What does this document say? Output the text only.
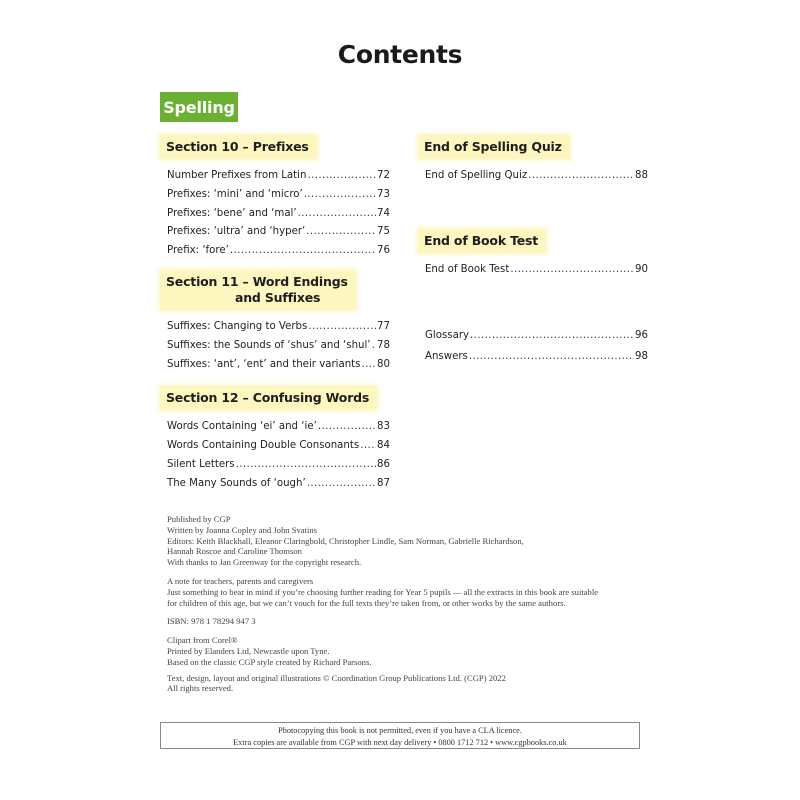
Contents
Spelling
Section 10 – Prefixes
Number Prefixes from Latin .....	72
Prefixes: ‘mini’ and ‘micro’ .....	73
Prefixes: ‘bene’ and ‘mal’ .....	74
Prefixes: ‘ultra’ and ‘hyper’ .....	75
Prefix: ‘fore’ .....	76
Section 11 – Word Endings
and Suffixes
Suffixes: Changing to Verbs .....	77
Suffixes: the Sounds of ‘shus’ and ‘shul’ ..... 78
Suffixes: ‘ant’, ‘ent’ and their variants ..... 80
Section 12 – Confusing Words
Words Containing ‘ei’ and ‘ie’ .....	83
Words Containing Double Consonants ..... 84
Silent Letters .....	86
The Many Sounds of ‘ough’ .....	87
End of Spelling Quiz
End of Spelling Quiz .....	88
End of Book Test
End of Book Test .....	90
Glossary .....	96
Answers .....	98

Published by CGP

Written by Joanna Copley and John Svatins

Editors: Keith Blackhall, Eleanor Claringbold, Christopher Lindle, Sam Norman, Gabrielle Richardson,

Hannah Roscoe and Caroline Thomson

With thanks to Jan Greenway for the copyright research.

A note for teachers, parents and caregivers

Just something to bear in mind if you’re choosing further reading for Year 5 pupils — all the extracts in this book are suitable

for children of this age, but we can’t vouch for the full texts they’re taken from, or other works by the same authors.

ISBN: 978 1 78294 947 3

Clipart from Corel®

Printed by Elanders Ltd, Newcastle upon Tyne.

Based on the classic CGP style created by Richard Parsons.

Text, design, layout and original illustrations © Coordination Group Publications Ltd. (CGP) 2022

All rights reserved.

Photocopying this book is not permitted, even if you have a CLA licence.
Extra copies are available from CGP with next day delivery • 0800 1712 712 • www.cgpbooks.co.uk
